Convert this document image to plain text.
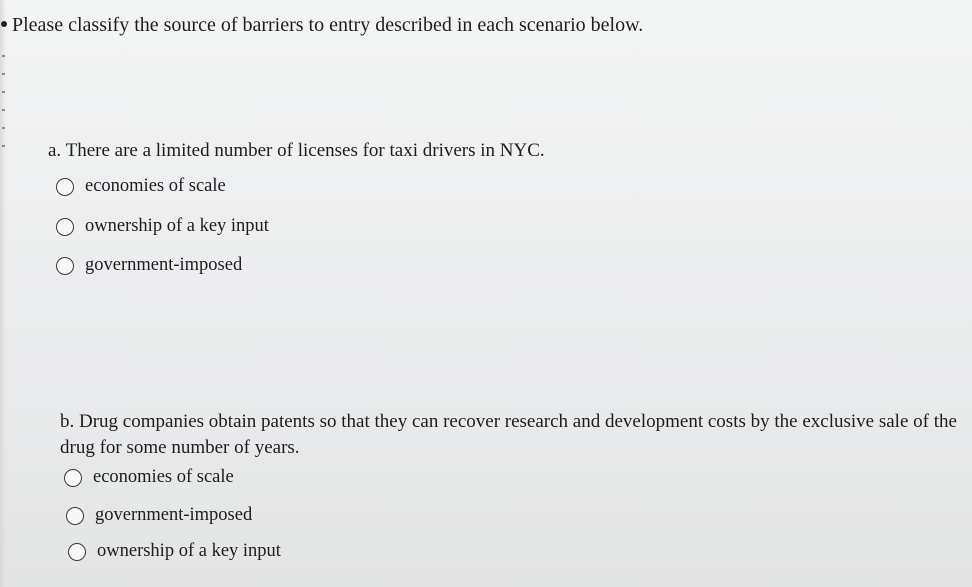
Please classify the source of barriers to entry described in each scenario below.
a. There are a limited number of licenses for taxi drivers in NYC.
economies of scale
ownership of a key input
government-imposed
b. Drug companies obtain patents so that they can recover research and development costs by the exclusive sale of the drug for some number of years.
economies of scale
government-imposed
ownership of a key input
